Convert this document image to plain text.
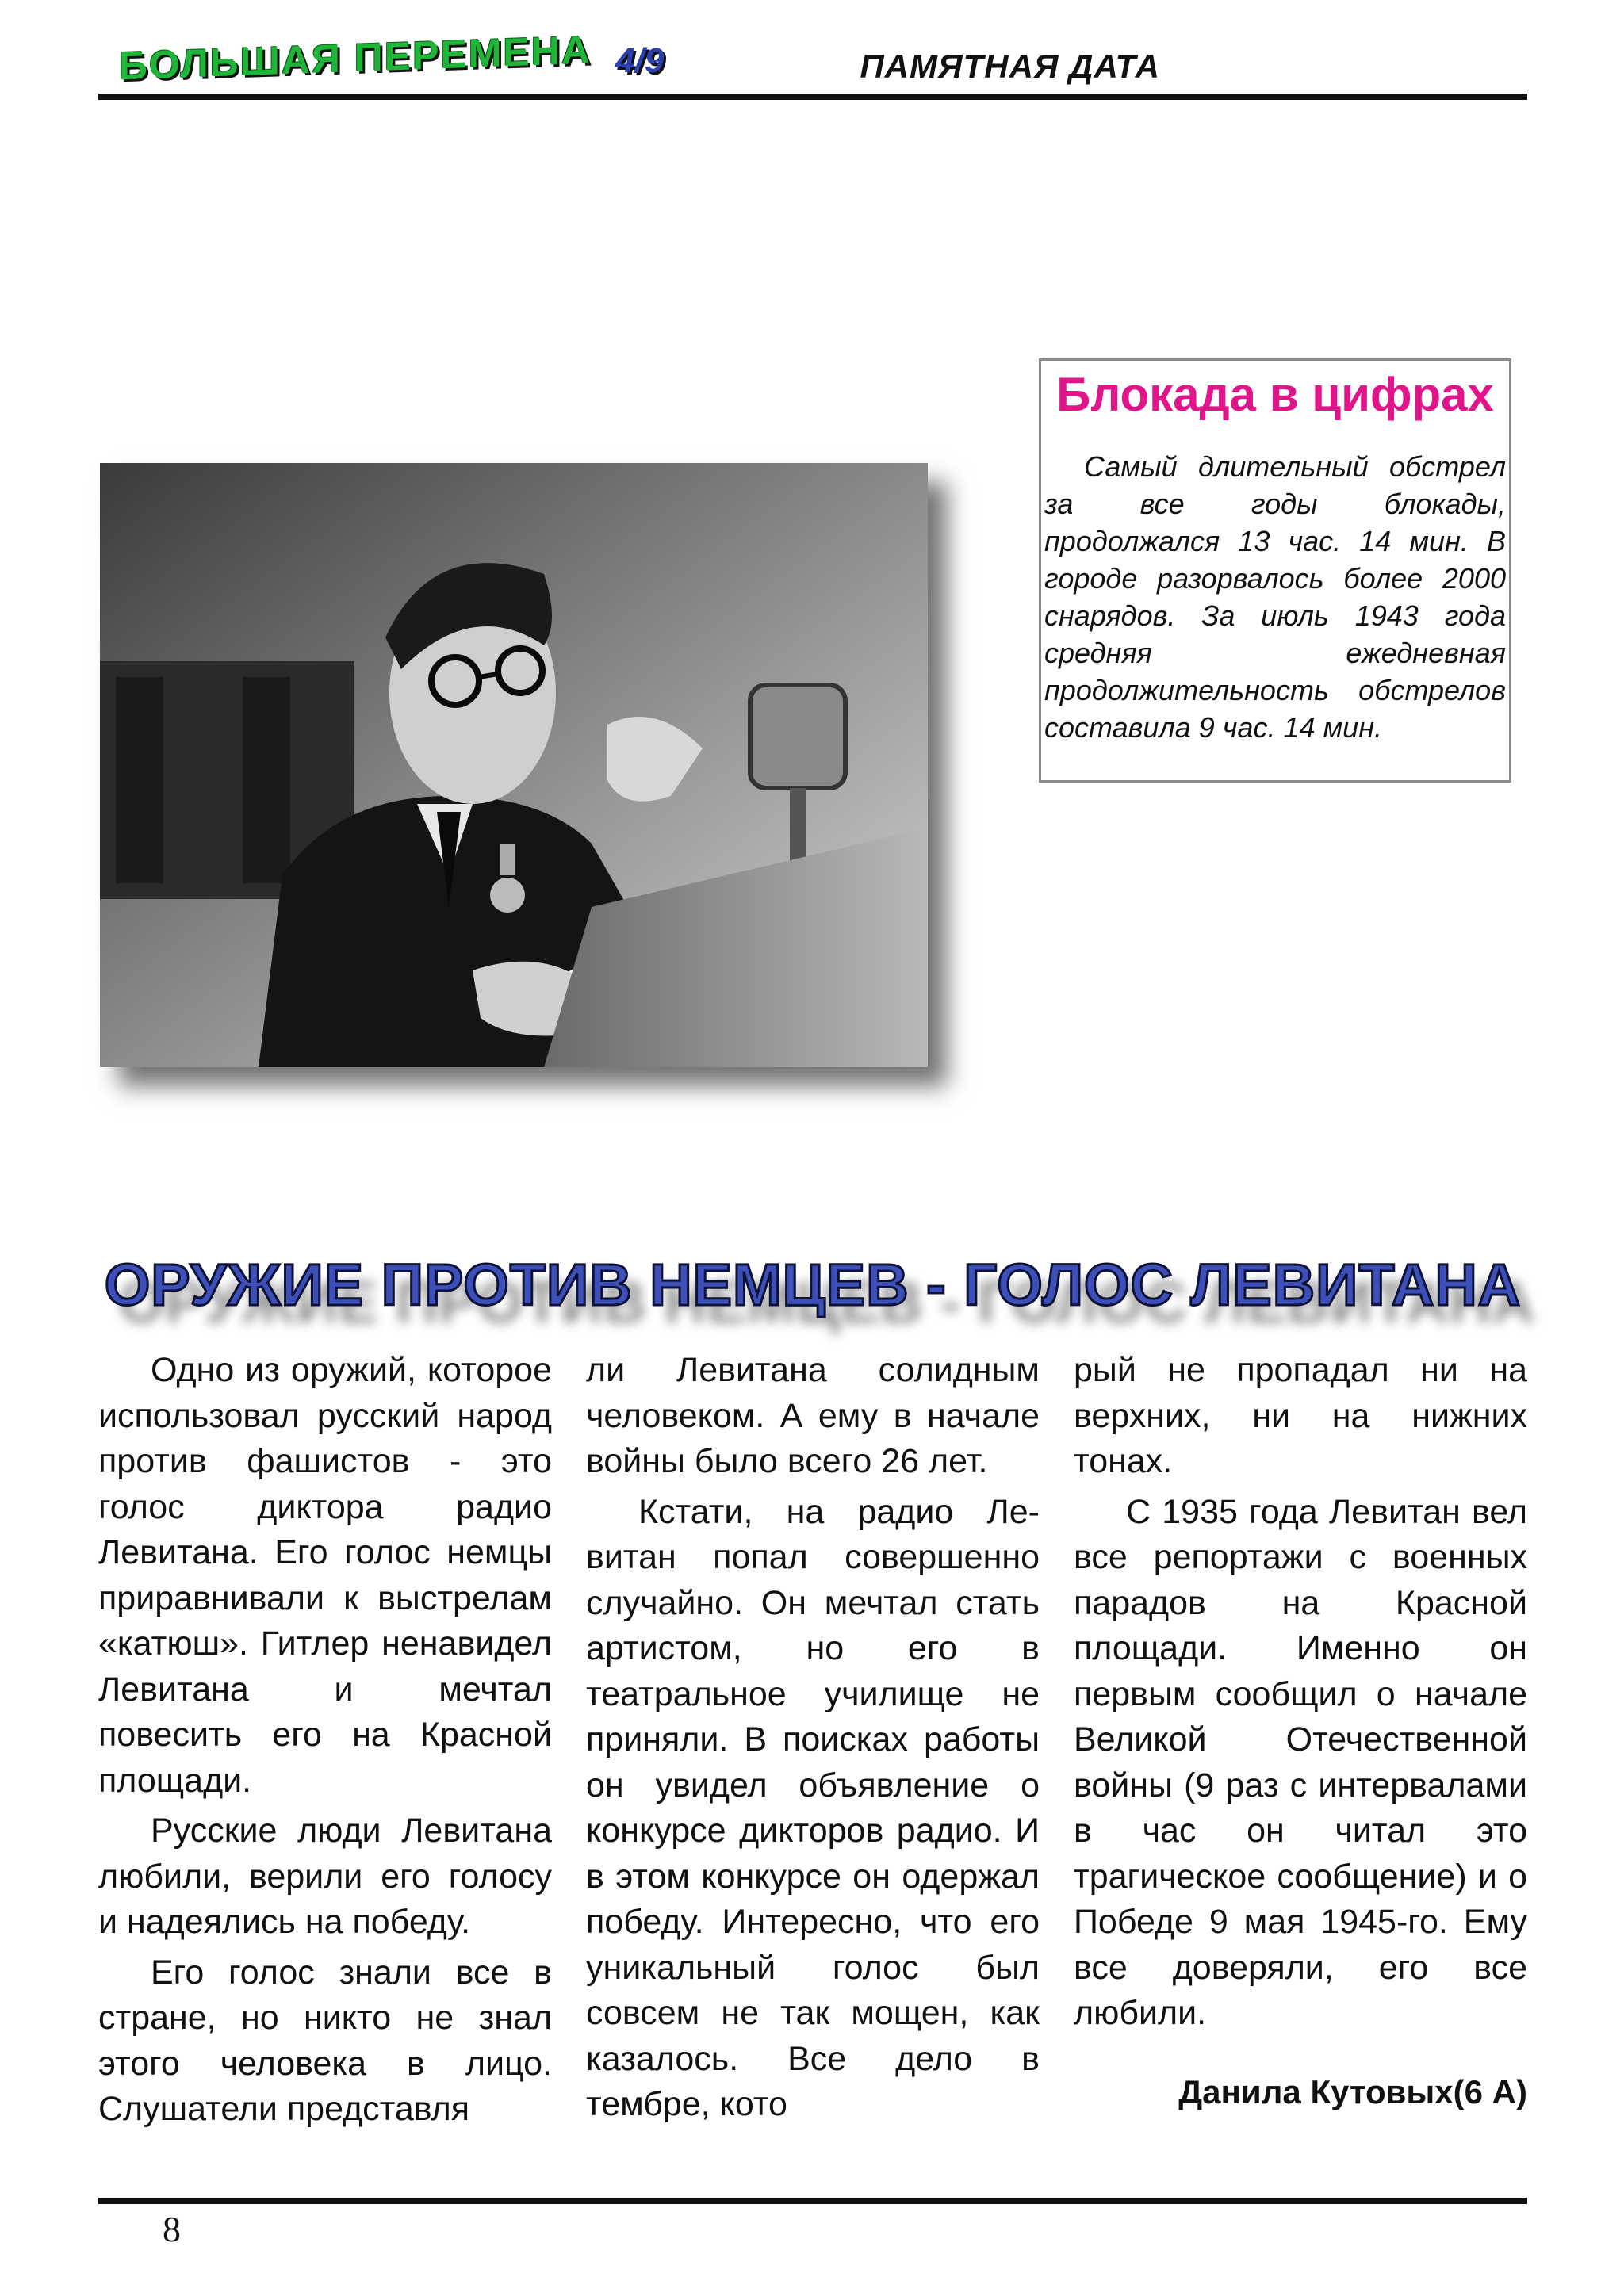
БОЛЬШАЯ ПЕРЕМЕНА 4/9	ПАМЯТНАЯ ДАТА
Блокада в цифрах
Самый длительный обстрел за все годы блокады, продолжался 13 час. 14 мин. В городе разорвалось более 2000 снарядов. За июль 1943 года средняя ежедневная продолжительность обстрелов составила 9 час. 14 мин.
ОРУЖИЕ ПРОТИВ НЕМЦЕВ - ГОЛОС ЛЕВИТАНА

Одно из оружий, которое использовал русский народ против фашистов - это голос диктора радио Левитана. Его голос немцы приравнивали к выстрелам «катюш». Гитлер ненавидел Левитана и мечтал повесить его на Красной площади.

Русские люди Левитана любили, верили его голосу и надеялись на победу.

Его голос знали все в стране, но никто не знал этого человека в лицо. Слушатели представля

ли Левитана солидным человеком. А ему в начале войны было всего 26 лет.

Кстати, на радио Левитан попал совершенно случайно. Он мечтал стать артистом, но его в театральное училище не приняли. В поисках работы он увидел объявление о конкурсе дикторов радио. И в этом конкурсе он одержал победу. Интересно, что его уникальный голос был совсем не так мощен, как казалось. Все дело в тембре, кото

рый не пропадал ни на верхних, ни на нижних тонах.

С 1935 года Левитан вел все репортажи с военных парадов на Красной площади. Именно он первым сообщил о начале Великой Отечественной войны (9 раз с интервалами в час он читал это трагическое сообщение) и о Победе 9 мая 1945-го. Ему все доверяли, его все любили.

Данила Кутовых(6 А)
8
